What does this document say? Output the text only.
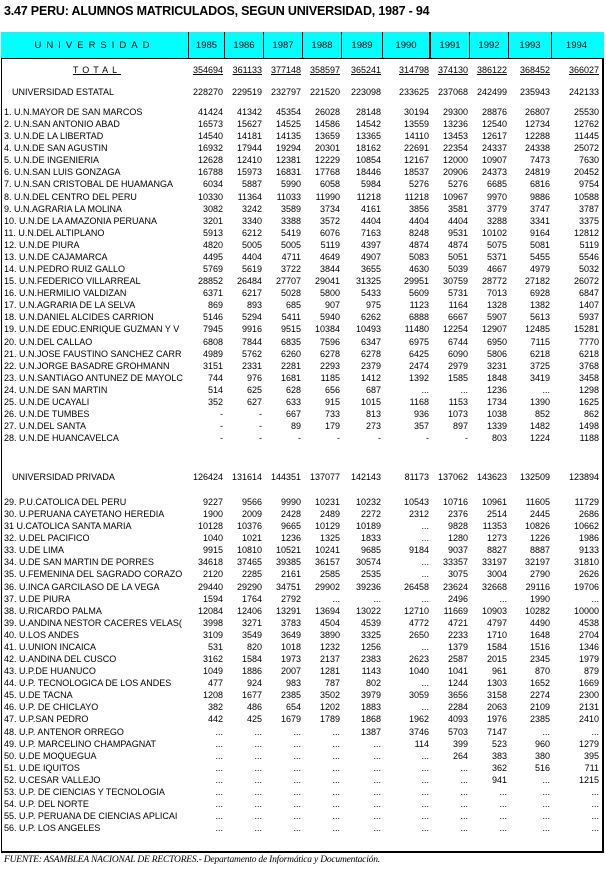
3.47 PERU: ALUMNOS MATRICULADOS, SEGUN UNIVERSIDAD, 1987 - 94
UNIVERSIDAD	1985	1986	1987	1988	1989	1990	1991	1992	1993	1994
TOTAL	354694	361133 377148 358597	365241	314798 374130 386122	368452	366027
UNIVERSIDAD ESTATAL	228270 229519 232797 221520	223098	233625 237068 242499	235943	242133
1. U.N.MAYOR DE SAN MARCOS	41424	41342	45354	26028	28148	30194	29300	28876	26807	25530
2. U.N.SAN ANTONIO ABAD	16573	15627	14525	14586	14542	13559	13236	12540	12734	12762
3. U.N.DE LA LIBERTAD	14540	14181	14135	13659	13365	14110	13453	12617	12288	11445
4. U.N.DE SAN AGUSTIN	16932	17944	19294	20301	18162	22691	22354	24337	24338	25072
5. U.N.DE INGENIERIA	12628	12410	12381	12229	10854	12167	12000	10907	7473	7630
6. U.N.SAN LUIS GONZAGA	16788	15973	16831	17768	18446	18537	20906	24373	24819	20452
7. U.N.SAN CRISTOBAL DE HUAMANGA	6034	5887	5990	6058	5984	5276	5276	6685	6816	9754
8. U.N.DEL CENTRO DEL PERU	10330	11364	11033	11990	11218	11218	10967	9970	9886	10588
9. U.N.AGRARIA LA MOLINA	3082	3242	3589	3734	4161	3856	3581	3779	3747	3787
10. U.N.DE LA AMAZONIA PERUANA	3201	3340	3388	3572	4404	4404	4404	3288	3341	3375
11. U.N.DEL ALTIPLANO	5913	6212	5419	6076	7163	8248	9531	10102	9164	12812
12. U.N.DE PIURA	4820	5005	5005	5119	4397	4874	4874	5075	5081	5119
13. U.N.DE CAJAMARCA	4495	4404	4711	4649	4907	5083	5051	5371	5455	5546
14. U.N.PEDRO RUIZ GALLO	5769	5619	3722	3844	3655	4630	5039	4667	4979	5032
15. U.N.FEDERICO VILLARREAL	28852	26484	27707	29041	31325	29951	30759	28772	27182	26072
16. U.N.HERMILIO VALDIZAN	6371	6217	5028	5800	5433	5609	5731	7013	6928	6847
17. U.N.AGRARIA DE LA SELVA	869	893	685	907	975	1123	1164	1328	1382	1407
18. U.N.DANIEL ALCIDES CARRION	5146	5294	5411	5940	6262	6888	6667	5907	5613	5937
19. U.N.DE EDUC.ENRIQUE GUZMAN Y V	7945	9916	9515	10384	10493	11480	12254	12907	12485	15281
20. U.N.DEL CALLAO	6808	7844	6835	7596	6347	6975	6744	6950	7115	7770
21. U.N.JOSE FAUSTINO SANCHEZ CARR	4989	5762	6260	6278	6278	6425	6090	5806	6218	6218
22. U.N.JORGE BASADRE GROHMANN	3151	2331	2281	2293	2379	2474	2979	3231	3725	3768
23. U.N.SANTIAGO ANTUNEZ DE MAYOLC	744	976	1681	1185	1412	1392	1585	1848	3419	3458
24. U.N.DE SAN MARTIN	514	625	628	656	687	...	...	1236	...	1298
25. U.N.DE UCAYALI	352	627	633	915	1015	1168	1153	1734	1390	1625
26. U.N.DE TUMBES	-	-	667	733	813	936	1073	1038	852	862
27. U.N.DEL SANTA	-	-	89	179	273	357	897	1339	1482	1498
28. U.N.DE HUANCAVELCA	-	-	-	-	-	-	-	803	1224	1188
UNIVERSIDAD PRIVADA	126424 131614 144351 137077	142143	81173 137062 143623	132509	123894
29. P.U.CATOLICA DEL PERU	9227	9566	9990	10231	10232	10543	10716	10961	11605	11729
30. U.PERUANA CAYETANO HEREDIA	1900	2009	2428	2489	2272	2312	2376	2514	2445	2686
31 U.CATOLICA SANTA MARIA	10128	10376	9665	10129	10189	...	9828	11353	10826	10662
32. U.DEL PACIFICO	1040	1021	1236	1325	1833	...	1280	1273	1226	1986
33. U.DE LIMA	9915	10810	10521	10241	9685	9184	9037	8827	8887	9133
34. U.DE SAN MARTIN DE PORRES	34618	37465	39385	36157	30574	...	33357	33197	32197	31810
35. U.FEMENINA DEL SAGRADO CORAZO	2120	2285	2161	2585	2535	...	3075	3004	2790	2626
36. U.INCA GARCILASO DE LA VEGA	29440	29290	34751	29902	39236	26458	23624	32668	29116	19706
37. U.DE PIURA	1594	1764	2792	...	...	...	2496	...	1990	...
38. U.RICARDO PALMA	12084	12406	13291	13694	13022	12710	11669	10903	10282	10000
39. U.ANDINA NESTOR CACERES VELAS(	3998	3271	3783	4504	4539	4772	4721	4797	4490	4538
40. U.LOS ANDES	3109	3549	3649	3890	3325	2650	2233	1710	1648	2704
41. U.UNION INCAICA	531	820	1018	1232	1256	...	1379	1584	1516	1346
42. U.ANDINA DEL CUSCO	3162	1584	1973	2137	2383	2623	2587	2015	2345	1979
43. U.P.DE HUANUCO	1049	1886	2007	1281	1143	1040	1041	961	870	879
44. U.P. TECNOLOGICA DE LOS ANDES	477	924	983	787	802	...	1244	1303	1652	1669
45. U.DE TACNA	1208	1677	2385	3502	3979	3059	3656	3158	2274	2300
46. U.P. DE CHICLAYO	382	486	654	1202	1883	...	2284	2063	2109	2131
47. U.P.SAN PEDRO	442	425	1679	1789	1868	1962	4093	1976	2385	2410
48. U.P. ANTENOR ORREGO	...	...	...	...	1387	3746	5703	7147	...	...
49. U.P. MARCELINO CHAMPAGNAT	...	...	...	...	...	114	399	523	960	1279
50. U.DE MOQUEGUA	...	...	...	...	...	...	264	383	380	395
51. U.DE IQUITOS	...	...	...	...	...	...	...	362	516	711
52. U.CESAR VALLEJO	...	...	...	...	...	...	...	941	...	1215
53. U.P. DE CIENCIAS Y TECNOLOGIA	...	...	...	...	...	...	...	...	...	...
54. U.P. DEL NORTE	...	...	...	...	...	...	...	...	...	...
55. U.P. PERUANA DE CIENCIAS APLICAI	...	...	...	...	...	...	...	...	...	...
56. U.P. LOS ANGELES	...	...	...	...	...	...	...	...	...	...
FUENTE: ASAMBLEA NACIONAL DE RECTORES.- Departamento de Informática y Documentación.
